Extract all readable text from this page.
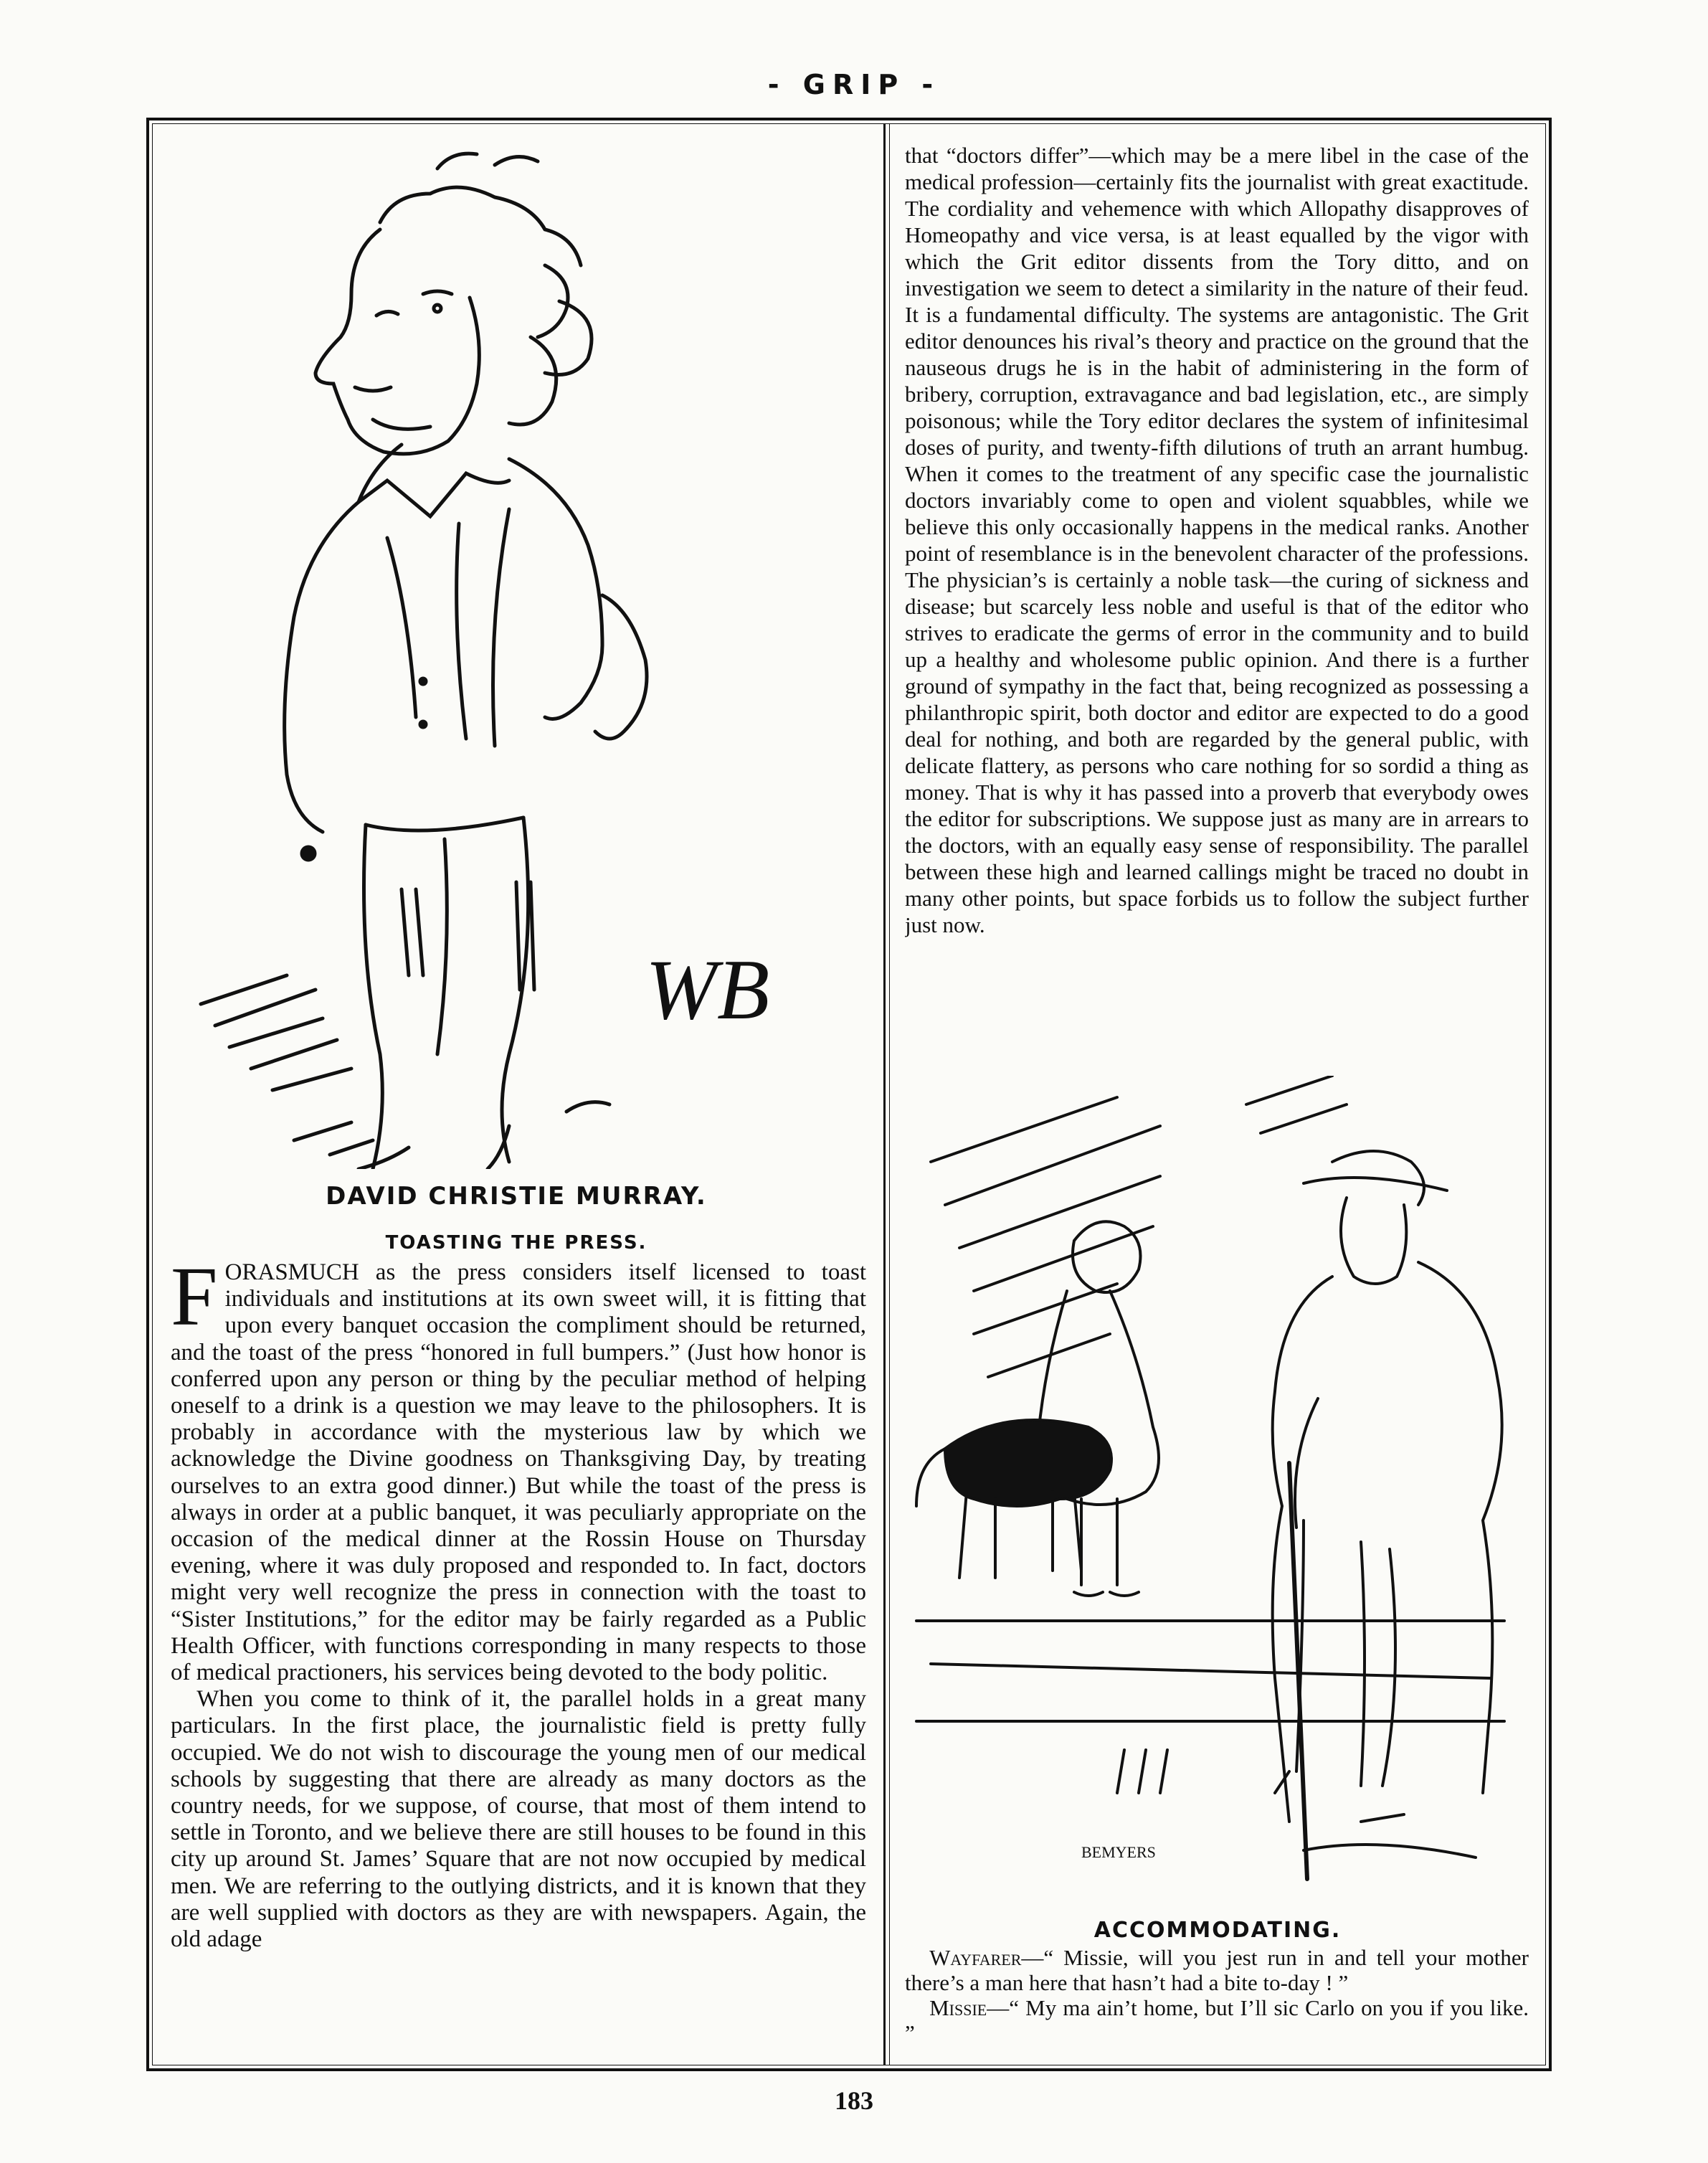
- GRIP -
WB
DAVID CHRISTIE MURRAY.
TOASTING THE PRESS.

FORASMUCH as the press considers itself licensed to toast individuals and institutions at its own sweet will, it is fitting that upon every banquet occasion the compliment should be returned, and the toast of the press “honored in full bumpers.” (Just how honor is conferred upon any person or thing by the peculiar method of helping oneself to a drink is a question we may leave to the philosophers. It is probably in accordance with the mysterious law by which we acknowledge the Divine goodness on Thanksgiving Day, by treating ourselves to an extra good dinner.) But while the toast of the press is always in order at a public banquet, it was peculiarly appropriate on the occasion of the medical dinner at the Rossin House on Thursday evening, where it was duly proposed and responded to. In fact, doctors might very well recognize the press in connection with the toast to “Sister Institutions,” for the editor may be fairly regarded as a Public Health Officer, with functions corresponding in many respects to those of medical practioners, his services being devoted to the body politic.

When you come to think of it, the parallel holds in a great many particulars. In the first place, the journalistic field is pretty fully occupied. We do not wish to discourage the young men of our medical schools by suggesting that there are already as many doctors as the country needs, for we suppose, of course, that most of them intend to settle in Toronto, and we believe there are still houses to be found in this city up around St. James’ Square that are not now occupied by medical men. We are referring to the outlying districts, and it is known that they are well supplied with doctors as they are with newspapers. Again, the old adage

that “doctors differ”—which may be a mere libel in the case of the medical profession—certainly fits the journalist with great exactitude. The cordiality and vehemence with which Allopathy disapproves of Homeopathy and vice versa, is at least equalled by the vigor with which the Grit editor dissents from the Tory ditto, and on investigation we seem to detect a similarity in the nature of their feud. It is a fundamental difficulty. The systems are antagonistic. The Grit editor denounces his rival’s theory and practice on the ground that the nauseous drugs he is in the habit of administering in the form of bribery, corruption, extravagance and bad legislation, etc., are simply poisonous; while the Tory editor declares the system of infinitesimal doses of purity, and twenty-fifth dilutions of truth an arrant humbug. When it comes to the treatment of any specific case the journalistic doctors invariably come to open and violent squabbles, while we believe this only occasionally happens in the medical ranks. Another point of resemblance is in the benevolent character of the professions. The physician’s is certainly a noble task—the curing of sickness and disease; but scarcely less noble and useful is that of the editor who strives to eradicate the germs of error in the community and to build up a healthy and wholesome public opinion. And there is a further ground of sympathy in the fact that, being recognized as possessing a philanthropic spirit, both doctor and editor are expected to do a good deal for nothing, and both are regarded by the general public, with delicate flattery, as persons who care nothing for so sordid a thing as money. That is why it has passed into a proverb that everybody owes the editor for subscriptions. We suppose just as many are in arrears to the doctors, with an equally easy sense of responsibility. The parallel between these high and learned callings might be traced no doubt in many other points, but space forbids us to follow the subject further just now.

BEMYERS
ACCOMMODATING.

Wayfarer—“ Missie, will you jest run in and tell your mother there’s a man here that hasn’t had a bite to-day ! ”

Missie—“ My ma ain’t home, but I’ll sic Carlo on you if you like. ”

183
